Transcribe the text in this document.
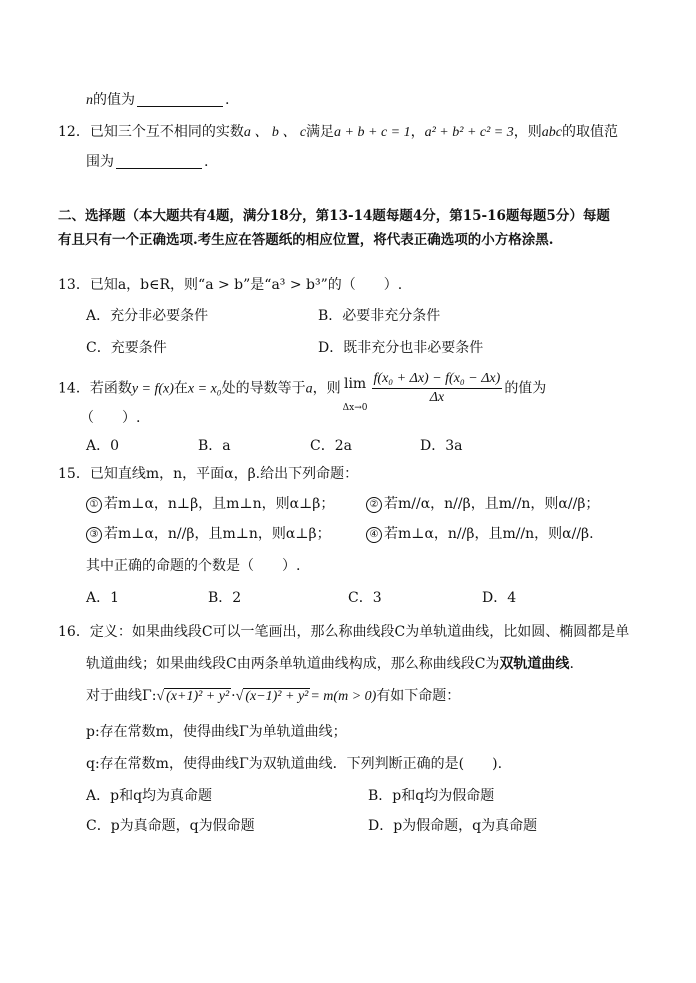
n的值为	.
12．已知三个互不相同的实数a 、 b 、 c满足a + b + c = 1，a² + b² + c² = 3，则abc的取值范
围为	.
二、选择题（本大题共有4题，满分18分，第13-14题每题4分，第15-16题每题5分）每题
有且只有一个正确选项.考生应在答题纸的相应位置，将代表正确选项的小方格涂黑.
13．已知a，b∈R，则“a > b”是“a³ > b³”的（　　）.
A．充分非必要条件	B．必要非充分条件
C．充要条件	D．既非充分也非必要条件
14．若函数y = f(x)在x = x₀处的导数等于a，则 lim
Δx→0
$\frac{\text{f(x₀ + Δx) − f(x₀ − Δx)}}{\Delta x}$ 的值为
（　　）.
A．0	B．a	C．2a	D．3a
15．已知直线m，n，平面α，β.给出下列命题：
① 若m⊥α，n⊥β，且m⊥n，则α⊥β；	② 若m//α，n//β，且m//n，则α//β；
③ 若m⊥α，n//β，且m⊥n，则α⊥β；	④ 若m⊥α，n//β，且m//n，则α//β.
其中正确的命题的个数是（　　）.
A．1	B．2	C．3	D．4
16．定义：如果曲线段C可以一笔画出，那么称曲线段C为单轨道曲线，比如圆、椭圆都是单
轨道曲线；如果曲线段C由两条单轨道曲线构成，那么称曲线段C为双轨道曲线.
对于曲线Γ:√ (x+1)² + y² ·√ (x−1)² + y² = m(m > 0)有如下命题：
p:存在常数m，使得曲线Γ为单轨道曲线；
q:存在常数m，使得曲线Γ为双轨道曲线．下列判断正确的是(　　).
A．p和q均为真命题	B．p和q均为假命题
C．p为真命题，q为假命题	D．p为假命题，q为真命题
